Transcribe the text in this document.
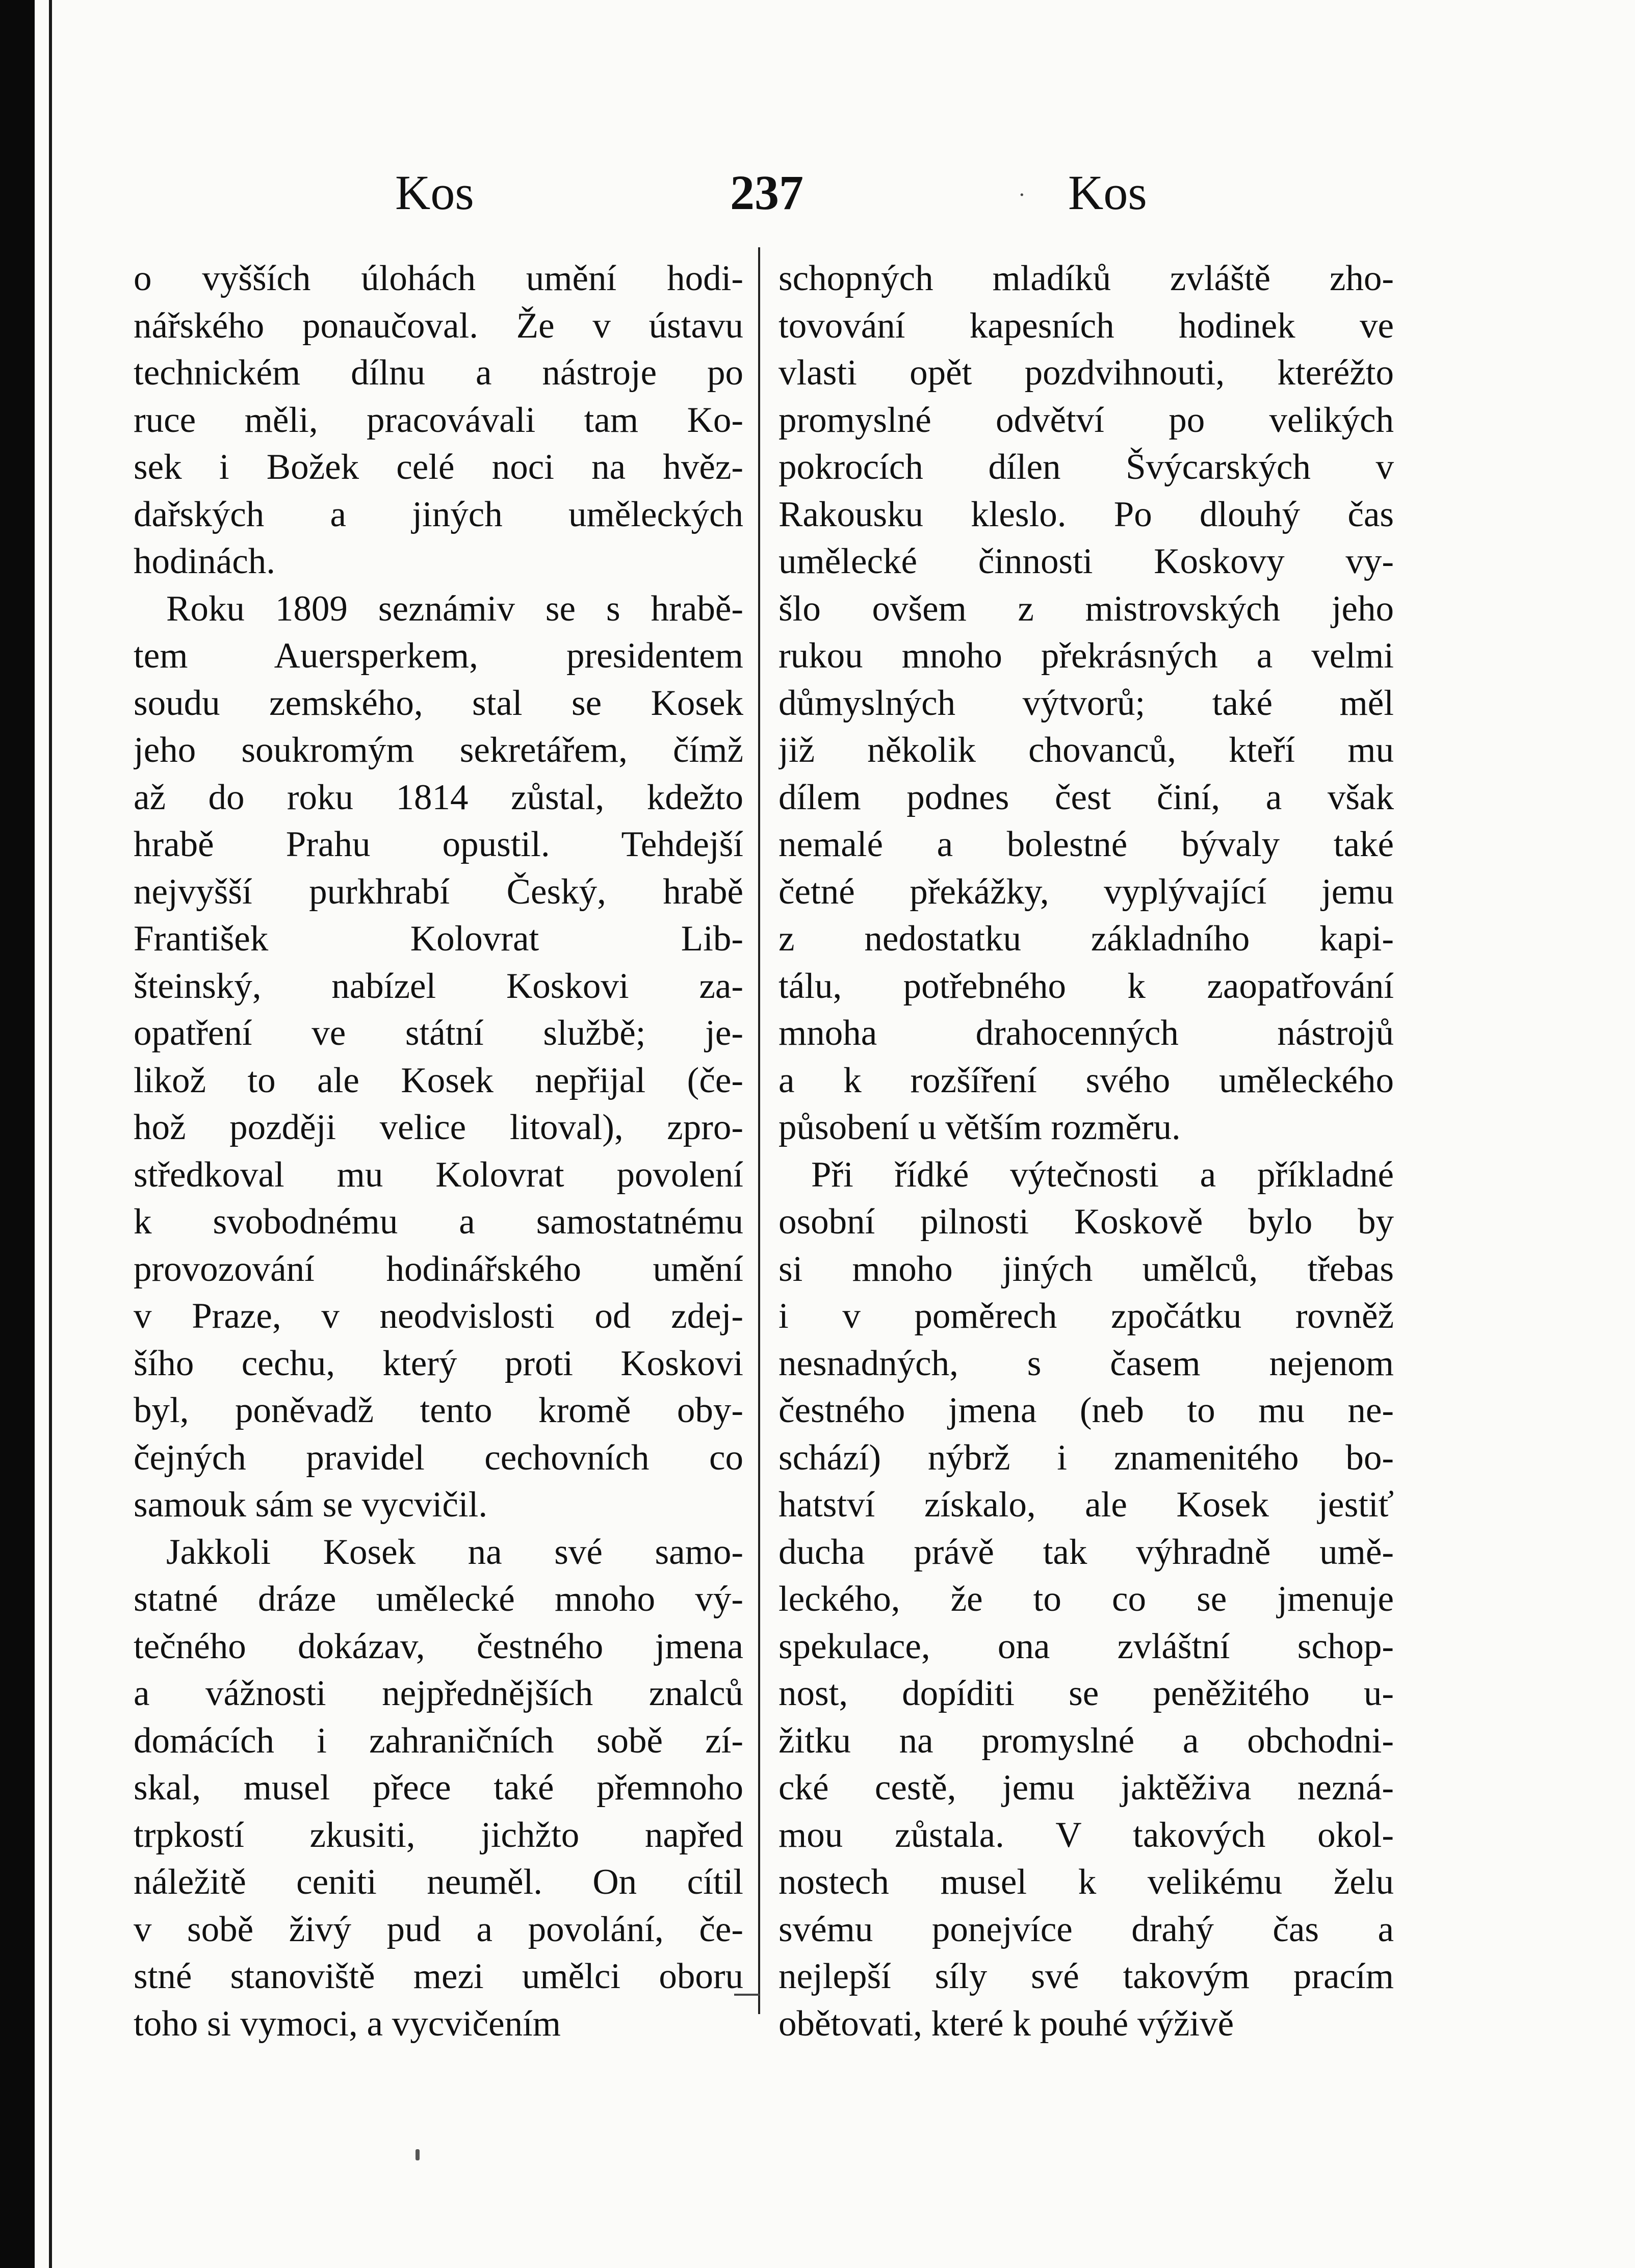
Kos	237	· Kos
o vyšších úlohách umění hodi-
nářského ponaučoval. Že v ústavu
technickém dílnu a nástroje po
ruce měli, pracovávali tam Ko-
sek i Božek celé noci na hvěz-
dařských a jiných uměleckých
hodinách.
Roku 1809 seznámiv se s hrabě-
tem Auersperkem, presidentem
soudu zemského, stal se Kosek
jeho soukromým sekretářem, čímž
až do roku 1814 zůstal, kdežto
hrabě Prahu opustil. Tehdejší
nejvyšší purkhrabí Český, hrabě
František Kolovrat Lib-
šteinský, nabízel Koskovi za-
opatření ve státní službě; je-
likož to ale Kosek nepřijal (če-
hož později velice litoval), zpro-
středkoval mu Kolovrat povolení
k svobodnému a samostatnému
provozování hodinářského umění
v Praze, v neodvislosti od zdej-
šího cechu, který proti Koskovi
byl, poněvadž tento kromě oby-
čejných pravidel cechovních co
samouk sám se vycvičil.
Jakkoli Kosek na své samo-
statné dráze umělecké mnoho vý-
tečného dokázav, čestného jmena
a vážnosti nejpřednějších znalců
domácích i zahraničních sobě zí-
skal, musel přece také přemnoho
trpkostí zkusiti, jichžto napřed
náležitě ceniti neuměl. On cítil
v sobě živý pud a povolání, če-
stné stanoviště mezi umělci oboru
toho si vymoci, a vycvičením
schopných mladíků zvláště zho-
tovování kapesních hodinek ve
vlasti opět pozdvihnouti, kteréžto
promyslné odvětví po velikých
pokrocích dílen Švýcarských v
Rakousku kleslo. Po dlouhý čas
umělecké činnosti Koskovy vy-
šlo ovšem z mistrovských jeho
rukou mnoho překrásných a velmi
důmyslných výtvorů; také měl
již několik chovanců, kteří mu
dílem podnes čest činí, a však
nemalé a bolestné bývaly také
četné překážky, vyplývající jemu
z nedostatku základního kapi-
tálu, potřebného k zaopatřování
mnoha drahocenných nástrojů
a k rozšíření svého uměleckého
působení u větším rozměru.
Při řídké výtečnosti a příkladné
osobní pilnosti Koskově bylo by
si mnoho jiných umělců, třebas
i v poměrech zpočátku rovněž
nesnadných, s časem nejenom
čestného jmena (neb to mu ne-
schází) nýbrž i znamenitého bo-
hatství získalo, ale Kosek jestiť
ducha právě tak výhradně umě-
leckého, že to co se jmenuje
spekulace, ona zvláštní schop-
nost, dopíditi se peněžitého u-
žitku na promyslné a obchodni-
cké cestě, jemu jaktěživa nezná-
mou zůstala. V takových okol-
nostech musel k velikému želu
svému ponejvíce drahý čas a
nejlepší síly své takovým pracím
obětovati, které k pouhé výživě
